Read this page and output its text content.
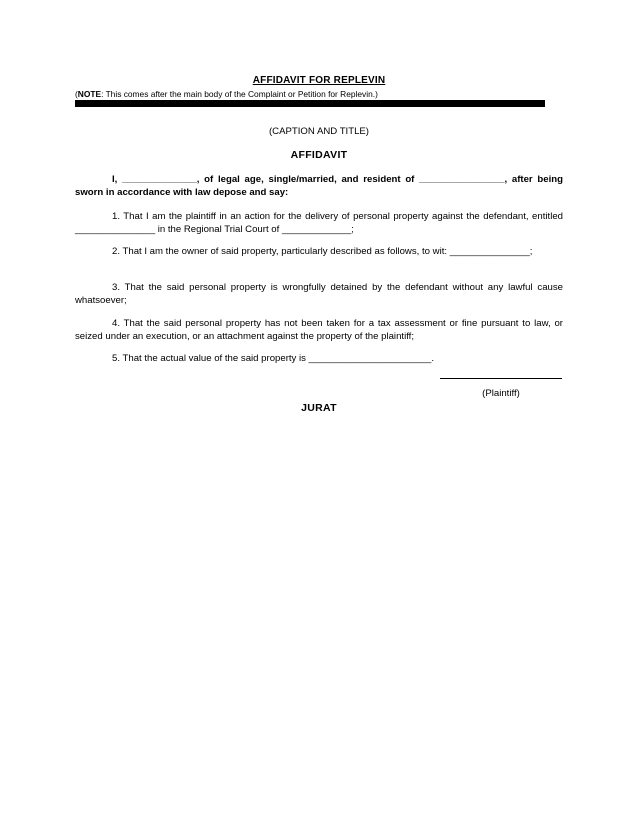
AFFIDAVIT FOR REPLEVIN
(NOTE: This comes after the main body of the Complaint or Petition for Replevin.)
(CAPTION AND TITLE)
AFFIDAVIT
I, ______________, of legal age, single/married, and resident of ________________, after being sworn in accordance with law depose and say:
1. That I am the plaintiff in an action for the delivery of personal property against the defendant, entitled _______________ in the Regional Trial Court of _____________;
2. That I am the owner of said property, particularly described as follows, to wit: _______________;
3. That the said personal property is wrongfully detained by the defendant without any lawful cause whatsoever;
4. That the said personal property has not been taken for a tax assessment or fine pursuant to law, or seized under an execution, or an attachment against the property of the plaintiff;
5. That the actual value of the said property is _______________________.
(Plaintiff)
JURAT
